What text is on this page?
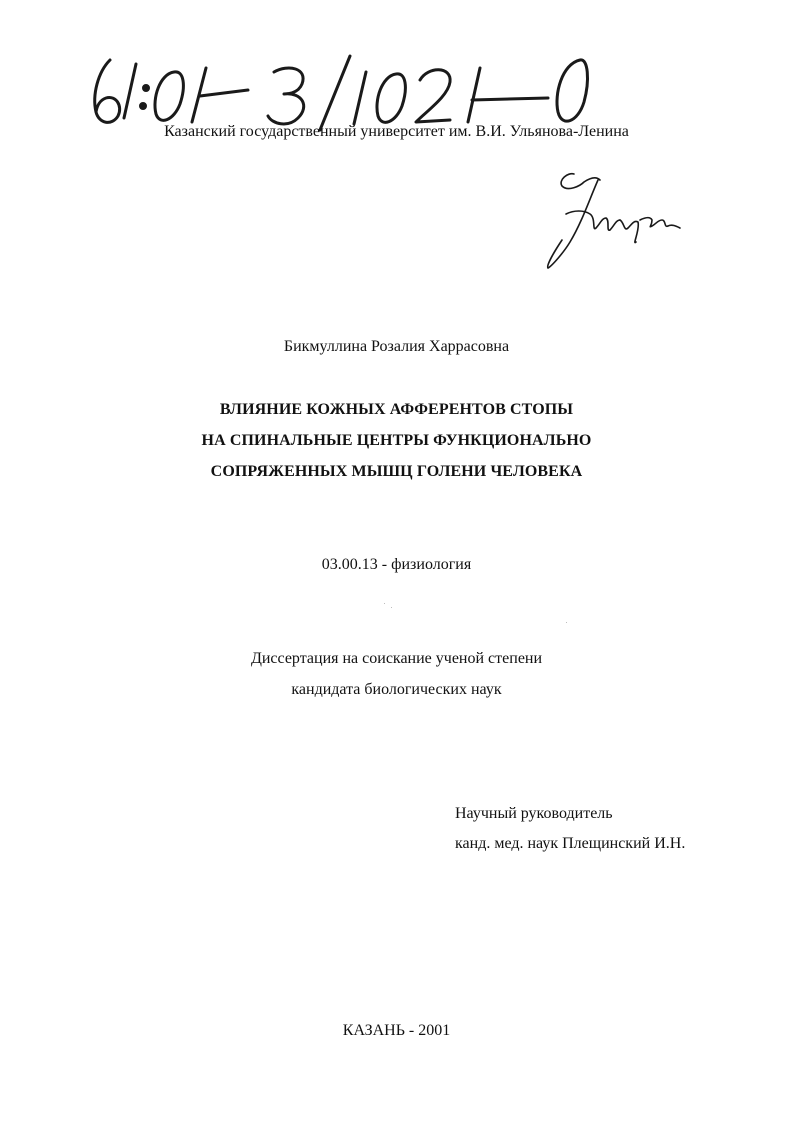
Казанский государственный университет им. В.И. Ульянова-Ленина
Бикмуллина Розалия Харрасовна
ВЛИЯНИЕ КОЖНЫХ АФФЕРЕНТОВ СТОПЫ
НА СПИНАЛЬНЫЕ ЦЕНТРЫ ФУНКЦИОНАЛЬНО
СОПРЯЖЕННЫХ МЫШЦ ГОЛЕНИ ЧЕЛОВЕКА
03.00.13 - физиология
Диссертация на соискание ученой степени
кандидата биологических наук
Научный руководитель
канд. мед. наук Плещинский И.Н.
КАЗАНЬ - 2001
